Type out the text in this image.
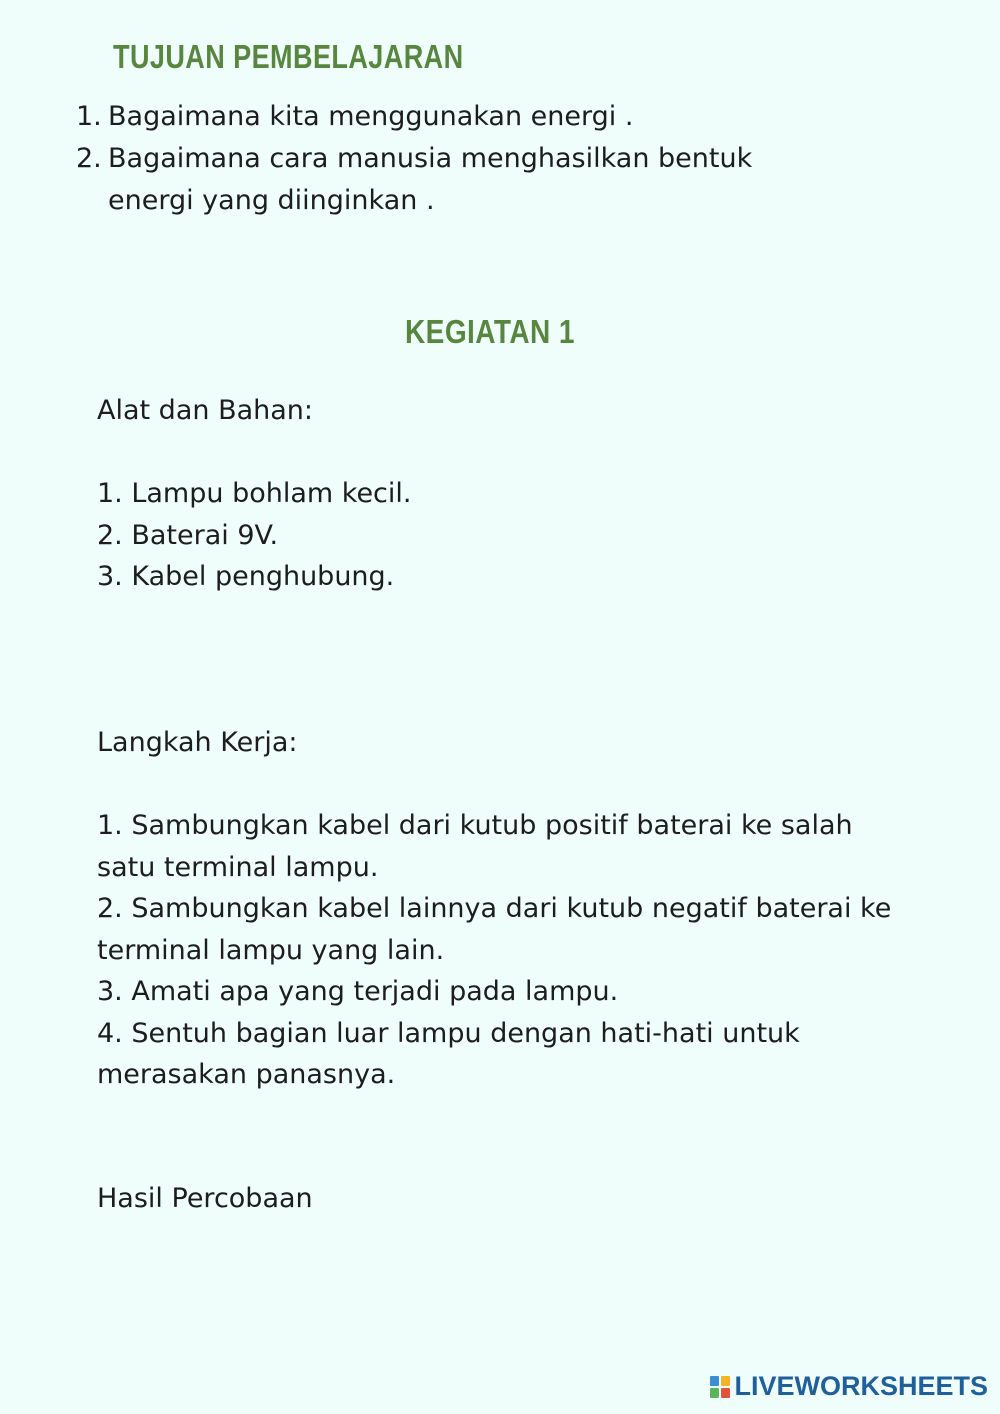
TUJUAN PEMBELAJARAN
1. Bagaimana kita menggunakan energi .
2. Bagaimana cara manusia menghasilkan bentuk energi yang diinginkan .
KEGIATAN 1

Alat dan Bahan:

1. Lampu bohlam kecil.

2. Baterai 9V.

3. Kabel penghubung.

Langkah Kerja:

1. Sambungkan kabel dari kutub positif baterai ke salah satu terminal lampu.

2. Sambungkan kabel lainnya dari kutub negatif baterai ke terminal lampu yang lain.

3. Amati apa yang terjadi pada lampu.

4. Sentuh bagian luar lampu dengan hati-hati untuk merasakan panasnya.

Hasil Percobaan

LIVEWORKSHEETS
